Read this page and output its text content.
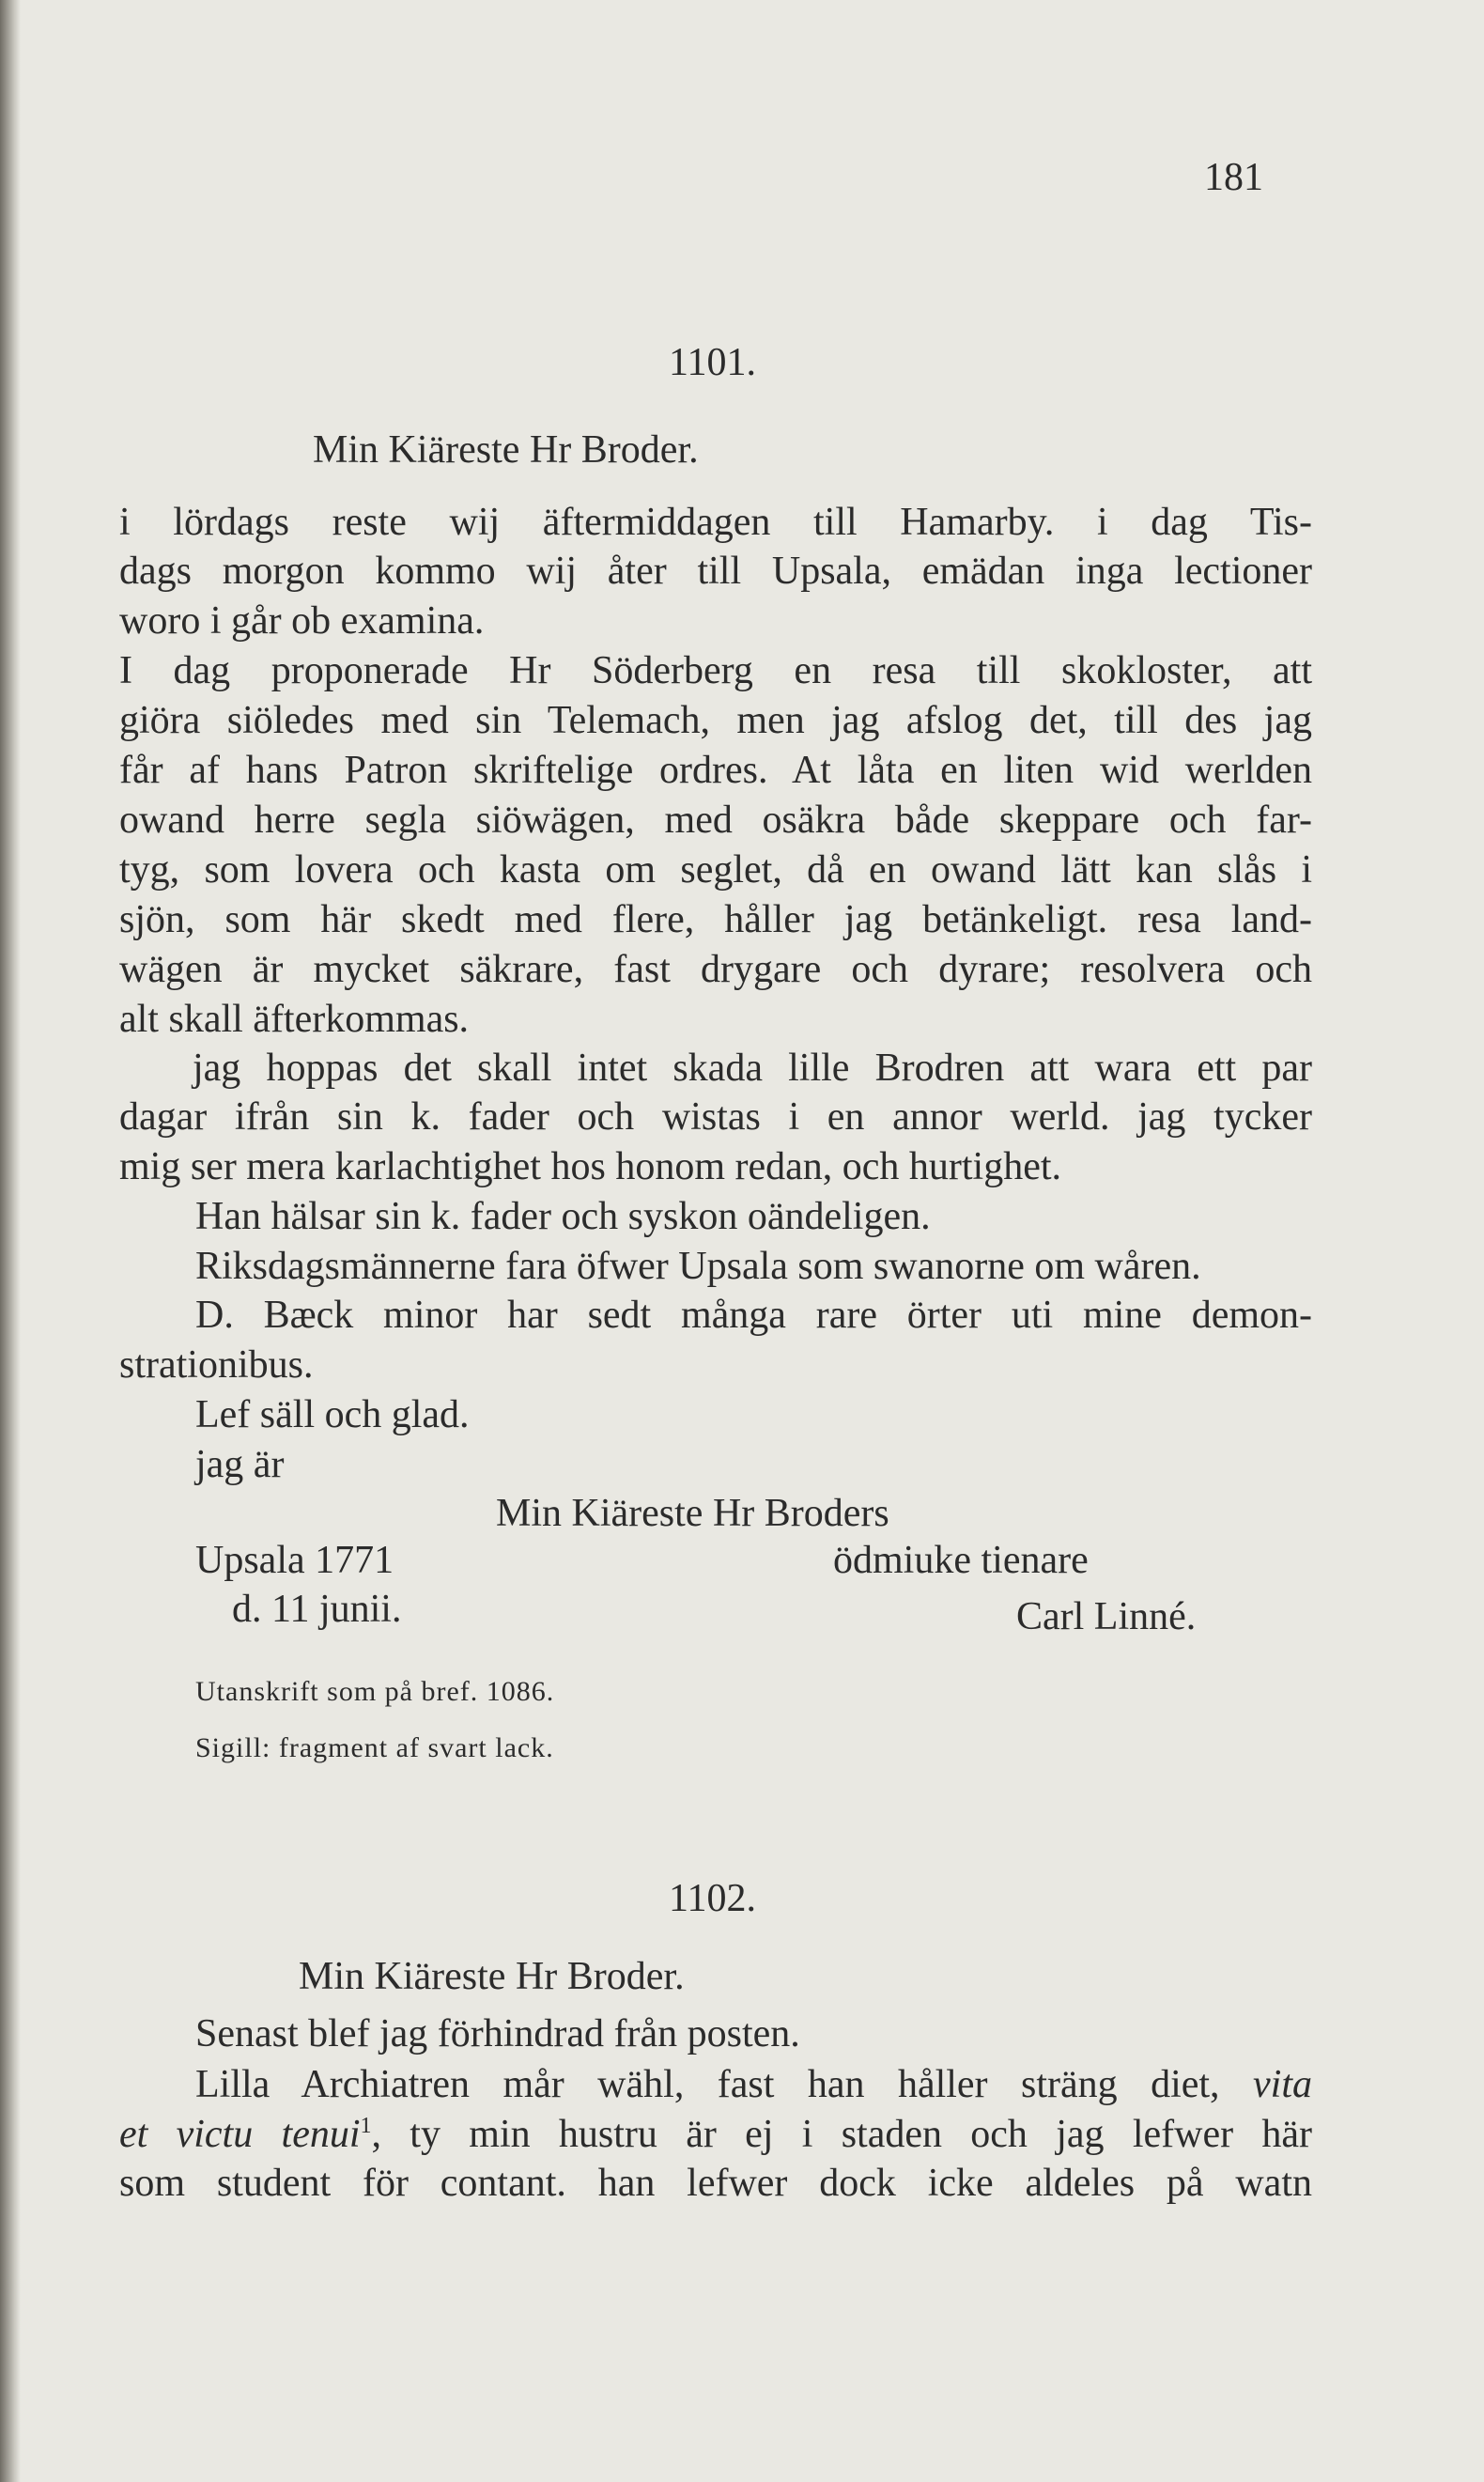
181

1101.

Min Kiäreste Hr Broder.

i lördags reste wij äftermiddagen till Hamarby. i dag Tis-

dags morgon kommo wij åter till Upsala, emädan inga lectioner

woro i går ob examina.

I dag proponerade Hr Söderberg en resa till skokloster, att

giöra siöledes med sin Telemach, men jag afslog det, till des jag

får af hans Patron skriftelige ordres. At låta en liten wid werlden

owand herre segla siöwägen, med osäkra både skeppare och far-

tyg, som lovera och kasta om seglet, då en owand lätt kan slås i

sjön, som här skedt med flere, håller jag betänkeligt. resa land-

wägen är mycket säkrare, fast drygare och dyrare; resolvera och

alt skall äfterkommas.

jag hoppas det skall intet skada lille Brodren att wara ett par

dagar ifrån sin k. fader och wistas i en annor werld. jag tycker

mig ser mera karlachtighet hos honom redan, och hurtighet.

Han hälsar sin k. fader och syskon oändeligen.

Riksdagsmännerne fara öfwer Upsala som swanorne om wåren.

D. Bæck minor har sedt många rare örter uti mine demon-

strationibus.

Lef säll och glad.

jag är

Min Kiäreste Hr Broders

Upsala 1771	ödmiuke tienare

d. 11 junii.	Carl Linné.

Utanskrift som på bref. 1086.

Sigill: fragment af svart lack.

1102.

Min Kiäreste Hr Broder.

Senast blef jag förhindrad från posten.

Lilla Archiatren mår wähl, fast han håller sträng diet, vita

et victu tenui$^1$, ty min hustru är ej i staden och jag lefwer här

som student för contant. han lefwer dock icke aldeles på watn
